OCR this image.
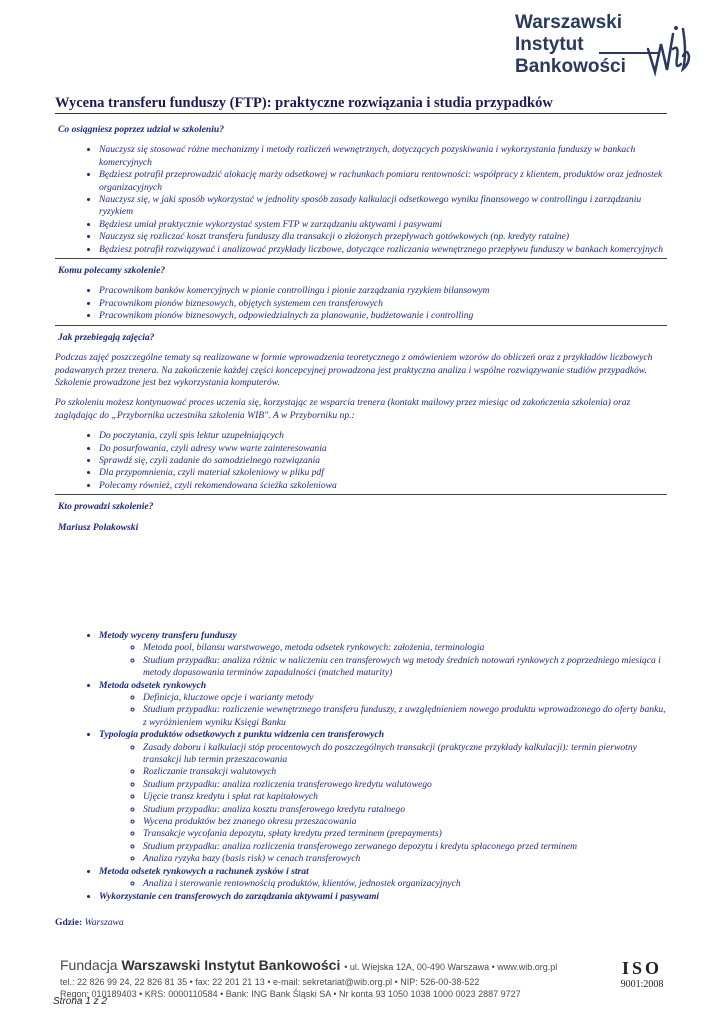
Warszawski
Instytut
Bankowości
Wycena transferu funduszy (FTP): praktyczne rozwiązania i studia przypadków
Co osiągniesz poprzez udział w szkoleniu?
• Nauczysz się stosować różne mechanizmy i metody rozliczeń wewnętrznych, dotyczących pozyskiwania i wykorzystania funduszy w bankach komercyjnych
• Będziesz potrafił przeprowadzić alokację marży odsetkowej w rachunkach pomiaru rentowności: współpracy z klientem, produktów oraz jednostek organizacyjnych
• Nauczysz się, w jaki sposób wykorzystać w jednolity sposób zasady kalkulacji odsetkowego wyniku finansowego w controllingu i zarządzaniu ryzykiem
• Będziesz umiał praktycznie wykorzystać system FTP w zarządzaniu aktywami i pasywami
• Nauczysz się rozliczać koszt transferu funduszy dla transakcji o złożonych przepływach gotówkowych (np. kredyty ratalne)
• Będziesz potrafił rozwiązywać i analizować przykłady liczbowe, dotyczące rozliczania wewnętrznego przepływu funduszy w bankach komercyjnych
Komu polecamy szkolenie?
• Pracownikom banków komercyjnych w pionie controllingu i pionie zarządzania ryzykiem bilansowym
• Pracownikom pionów biznesowych, objętych systemem cen transferowych
• Pracownikom pionów biznesowych, odpowiedzialnych za planowanie, budżetowanie i controlling
Jak przebiegają zajęcia?
Podczas zajęć poszczególne tematy są realizowane w formie wprowadzenia teoretycznego z omówieniem wzorów do obliczeń oraz z przykładów liczbowych podawanych przez trenera. Na zakończenie każdej części koncepcyjnej prowadzona jest praktyczna analiza i wspólne rozwiązywanie studiów przypadków. Szkolenie prowadzone jest bez wykorzystania komputerów.
Po szkoleniu możesz kontynuować proces uczenia się, korzystając ze wsparcia trenera (kontakt mailowy przez miesiąc od zakończenia szkolenia) oraz zaglądając do „Przybornika uczestnika szkolenia WIB". A w Przyborniku np.:
• Do poczytania, czyli spis lektur uzupełniających
• Do posurfowania, czyli adresy www warte zainteresowania
• Sprawdź się, czyli zadanie do samodzielnego rozwiązania
• Dla przypomnienia, czyli materiał szkoleniowy w pliku pdf
• Polecamy również, czyli rekomendowana ścieżka szkoleniowa
Kto prowadzi szkolenie?
Mariusz Polakowski
• Metody wyceny transferu funduszy
◦ Metoda pool, bilansu warstwowego, metoda odsetek rynkowych: założenia, terminologia
◦ Studium przypadku: analiza różnic w naliczeniu cen transferowych wg metody średnich notowań rynkowych z poprzedniego miesiąca i metody dopasowania terminów zapadalności (matched maturity)
• Metoda odsetek rynkowych
◦ Definicja, kluczowe opcje i warianty metody
◦ Studium przypadku: rozliczenie wewnętrznego transferu funduszy, z uwzględnieniem nowego produktu wprowadzonego do oferty banku, z wyróżnieniem wyniku Księgi Banku
• Typologia produktów odsetkowych z punktu widzenia cen transferowych
◦ Zasady doboru i kalkulacji stóp procentowych do poszczególnych transakcji (praktyczne przykłady kalkulacji): termin pierwotny transakcji lub termin przeszacowania
◦ Rozliczanie transakcji walutowych
◦ Studium przypadku: analiza rozliczenia transferowego kredytu walutowego
◦ Ujęcie transz kredytu i spłat rat kapitałowych
◦ Studium przypadku: analiza kosztu transferowego kredytu ratalnego
◦ Wycena produktów bez znanego okresu przeszacowania
◦ Transakcje wycofania depozytu, spłaty kredytu przed terminem (prepayments)
◦ Studium przypadku: analiza rozliczenia transferowego zerwanego depozytu i kredytu spłaconego przed terminem
◦ Analiza ryzyka bazy (basis risk) w cenach transferowych
• Metoda odsetek rynkowych a rachunek zysków i strat
◦ Analiza i sterowanie rentownością produktów, klientów, jednostek organizacyjnych
• Wykorzystanie cen transferowych do zarządzania aktywami i pasywami
Gdzie: Warszawa
Fundacja Warszawski Instytut Bankowości • ul. Wiejska 12A, 00-490 Warszawa • www.wib.org.pl
tel.: 22 826 99 24, 22 826 81 35 • fax: 22 201 21 13 • e-mail: sekretariat@wib.org.pl • NIP: 526-00-38-522
Regon: 010189403 • KRS: 0000110584 • Bank: ING Bank Śląski SA • Nr konta 93 1050 1038 1000 0023 2887 9727
ISO
9001:2008
Strona 1 z 2
